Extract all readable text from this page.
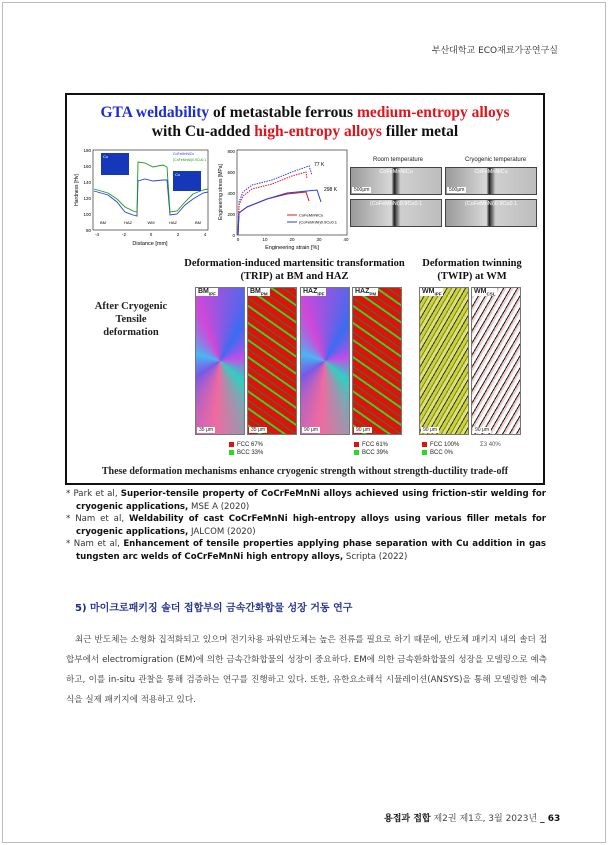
부산대학교 ECO재료가공연구실
GTA weldability of metastable ferrous medium-entropy alloys
with Cu-added high-entropy alloys filler metal
180
160
140
120
100
80
-4	-2	0	2	4
Hardness [Hv]
Distance [mm]
Cu
Cu
BM	HAZ	WM	HAZ	BM
CoFeMnNiCu
(CoFeMnNi)0.9Cu0.1
800
600
400
200
0
0	10	20	30	40
Engineering stress [MPa]
Engineering strain [%]
77 K
298 K
CoFeMnNiCu
(CoFeMnNi)0.9Cu0.1
Room temperature	Cryogenic temperature
CoFeMnNiCu
500μm
CoFeMnNiCu
500μm
(CoFeMnNi)0.9Cu0.1	(CoFeMnNi)0.9Cu0.1
Deformation-induced martensitic transformation (TRIP) at BM and HAZ
Deformation twinning (TWIP) at WM
After Cryogenic Tensile deformation
$BM_{IPF}$
35 μm
$BM_{PM}$
35 μm
$HAZ_{IPF}$
90 μm
$HAZ_{PM}$
90 μm
$WM_{IPF}$
90 μm
$WM_{CSL}$
90 μm
FCC 67%
BCC 33%
FCC 61%
BCC 39%
FCC 100%
BCC 0%
Σ3 40%
These deformation mechanisms enhance cryogenic strength without strength-ductility trade-off
* Park et al, Superior-tensile property of CoCrFeMnNi alloys achieved using friction-stir welding for cryogenic applications, MSE A (2020)
* Nam et al, Weldability of cast CoCrFeMnNi high-entropy alloys using various filler metals for cryogenic applications, JALCOM (2020)
* Nam et al, Enhancement of tensile properties applying phase separation with Cu addition in gas tungsten arc welds of CoCrFeMnNi high entropy alloys, Scripta (2022)
5) 마이크로패키징 솔더 접합부의 금속간화합물 성장 거동 연구
최근 반도체는 소형화 집적화되고 있으며 전기차용 파워반도체는 높은 전류를 필요로 하기 때문에, 반도체 패키지 내의 솔더 접합부에서 electromigration (EM)에 의한 금속간화합물의 성장이 중요하다. EM에 의한 금속환화합물의 성장을 모델링으로 예측하고, 이를 in-situ 관찰을 통해 검증하는 연구를 진행하고 있다. 또한, 유한요소해석 시뮬레이션(ANSYS)을 통해 모델링한 예측식을 실제 패키지에 적용하고 있다.
용접과 접합 제2권 제1호, 3월 2023년 _ 63
